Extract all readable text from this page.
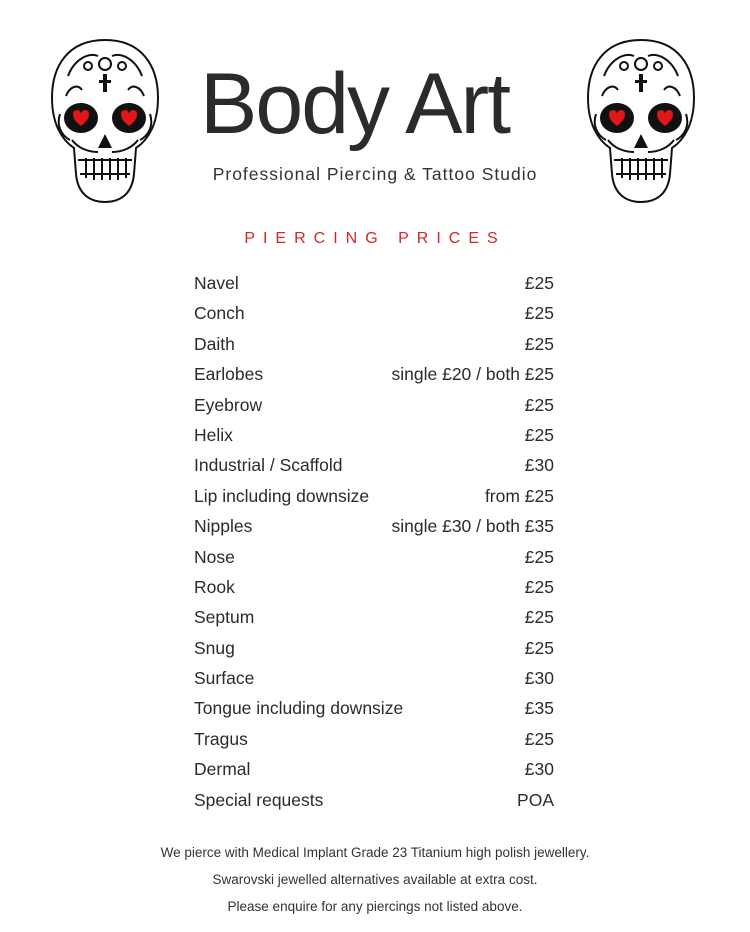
Body Art
Professional Piercing & Tattoo Studio
PIERCING PRICES
Navel	£25
Conch	£25
Daith	£25
Earlobes	single £20 / both £25
Eyebrow	£25
Helix	£25
Industrial / Scaffold	£30
Lip including downsize	from £25
Nipples	single £30 / both £35
Nose	£25
Rook	£25
Septum	£25
Snug	£25
Surface	£30
Tongue including downsize	£35
Tragus	£25
Dermal	£30
Special requests	POA
We pierce with Medical Implant Grade 23 Titanium high polish jewellery.
Swarovski jewelled alternatives available at extra cost.
Please enquire for any piercings not listed above.
